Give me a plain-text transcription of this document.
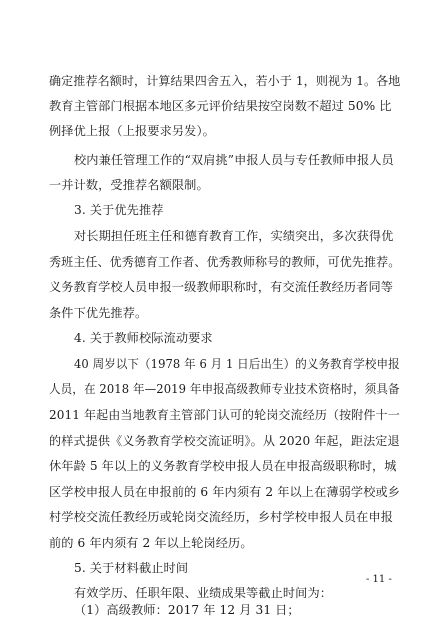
确定推荐名额时，计算结果四舍五入，若小于 1，则视为 1。各地
教育主管部门根据本地区多元评价结果按空岗数不超过 50% 比
例择优上报（上报要求另发）。
校内兼任管理工作的“双肩挑”申报人员与专任教师申报人员
一并计数，受推荐名额限制。
3. 关于优先推荐
对长期担任班主任和德育教育工作，实绩突出，多次获得优
秀班主任、优秀德育工作者、优秀教师称号的教师，可优先推荐。
义务教育学校人员申报一级教师职称时，有交流任教经历者同等
条件下优先推荐。
4. 关于教师校际流动要求
40 周岁以下（1978 年 6 月 1 日后出生）的义务教育学校申报
人员，在 2018 年—2019 年申报高级教师专业技术资格时，须具备
2011 年起由当地教育主管部门认可的轮岗交流经历（按附件十一
的样式提供《义务教育学校交流证明》。从 2020 年起，距法定退
休年龄 5 年以上的义务教育学校申报人员在申报高级职称时，城
区学校申报人员在申报前的 6 年内须有 2 年以上在薄弱学校或乡
村学校交流任教经历或轮岗交流经历，乡村学校申报人员在申报
前的 6 年内须有 2 年以上轮岗经历。
5. 关于材料截止时间
有效学历、任职年限、业绩成果等截止时间为：
（1）高级教师：2017 年 12 月 31 日；
- 11 -
